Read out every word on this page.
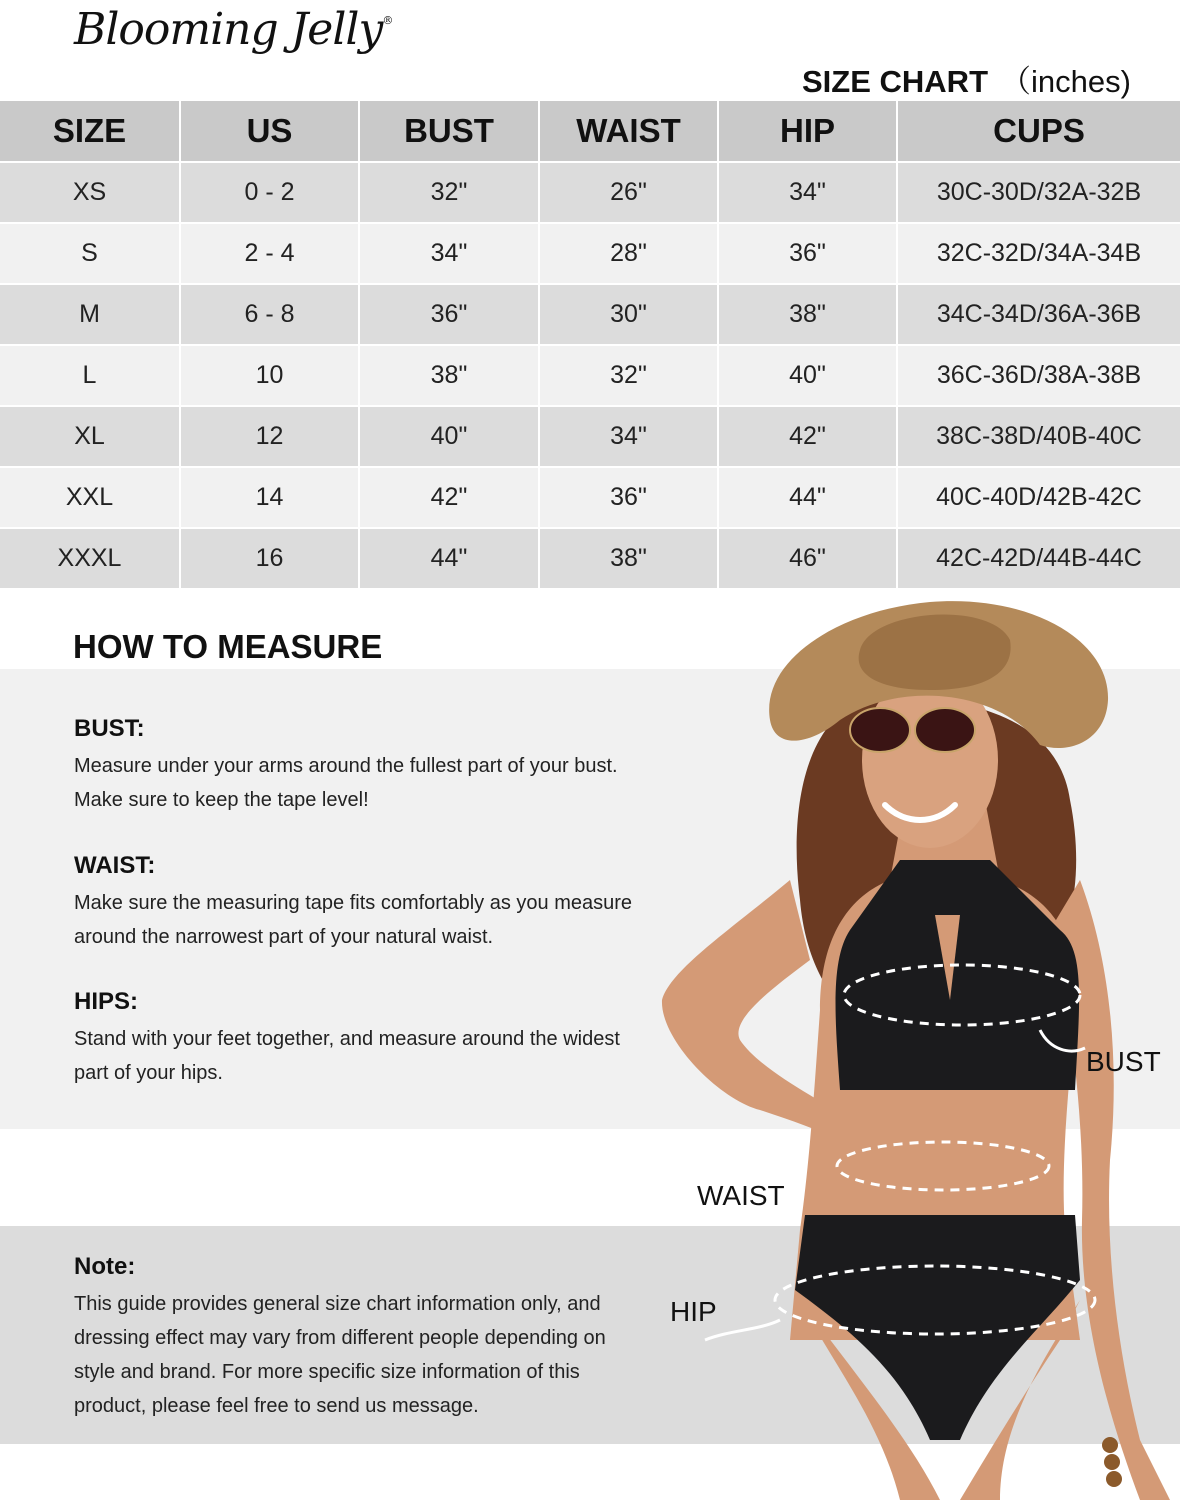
Blooming Jelly®
SIZE CHART （inches)
SIZE	US	BUST	WAIST	HIP	CUPS
XS	0 - 2	32"	26"	34"	30C-30D/32A-32B
S	2 - 4	34"	28"	36"	32C-32D/34A-34B
M	6 - 8	36"	30"	38"	34C-34D/36A-36B
L	10	38"	32"	40"	36C-36D/38A-38B
XL	12	40"	34"	42"	38C-38D/40B-40C
XXL	14	42"	36"	44"	40C-40D/42B-42C
XXXL	16	44"	38"	46"	42C-42D/44B-44C
HOW TO MEASURE
BUST:
Measure under your arms around the fullest part of your bust.
Make sure to keep the tape level!
WAIST:
Make sure the measuring tape fits comfortably as you measure
around the narrowest part of your natural waist.
HIPS:
Stand with your feet together, and measure around the widest
part of your hips.
Note:
This guide provides general size chart information only, and
dressing effect may vary from different people depending on
style and brand. For more specific size information of this
product, please feel free to send us message.
BUST
WAIST
HIP
